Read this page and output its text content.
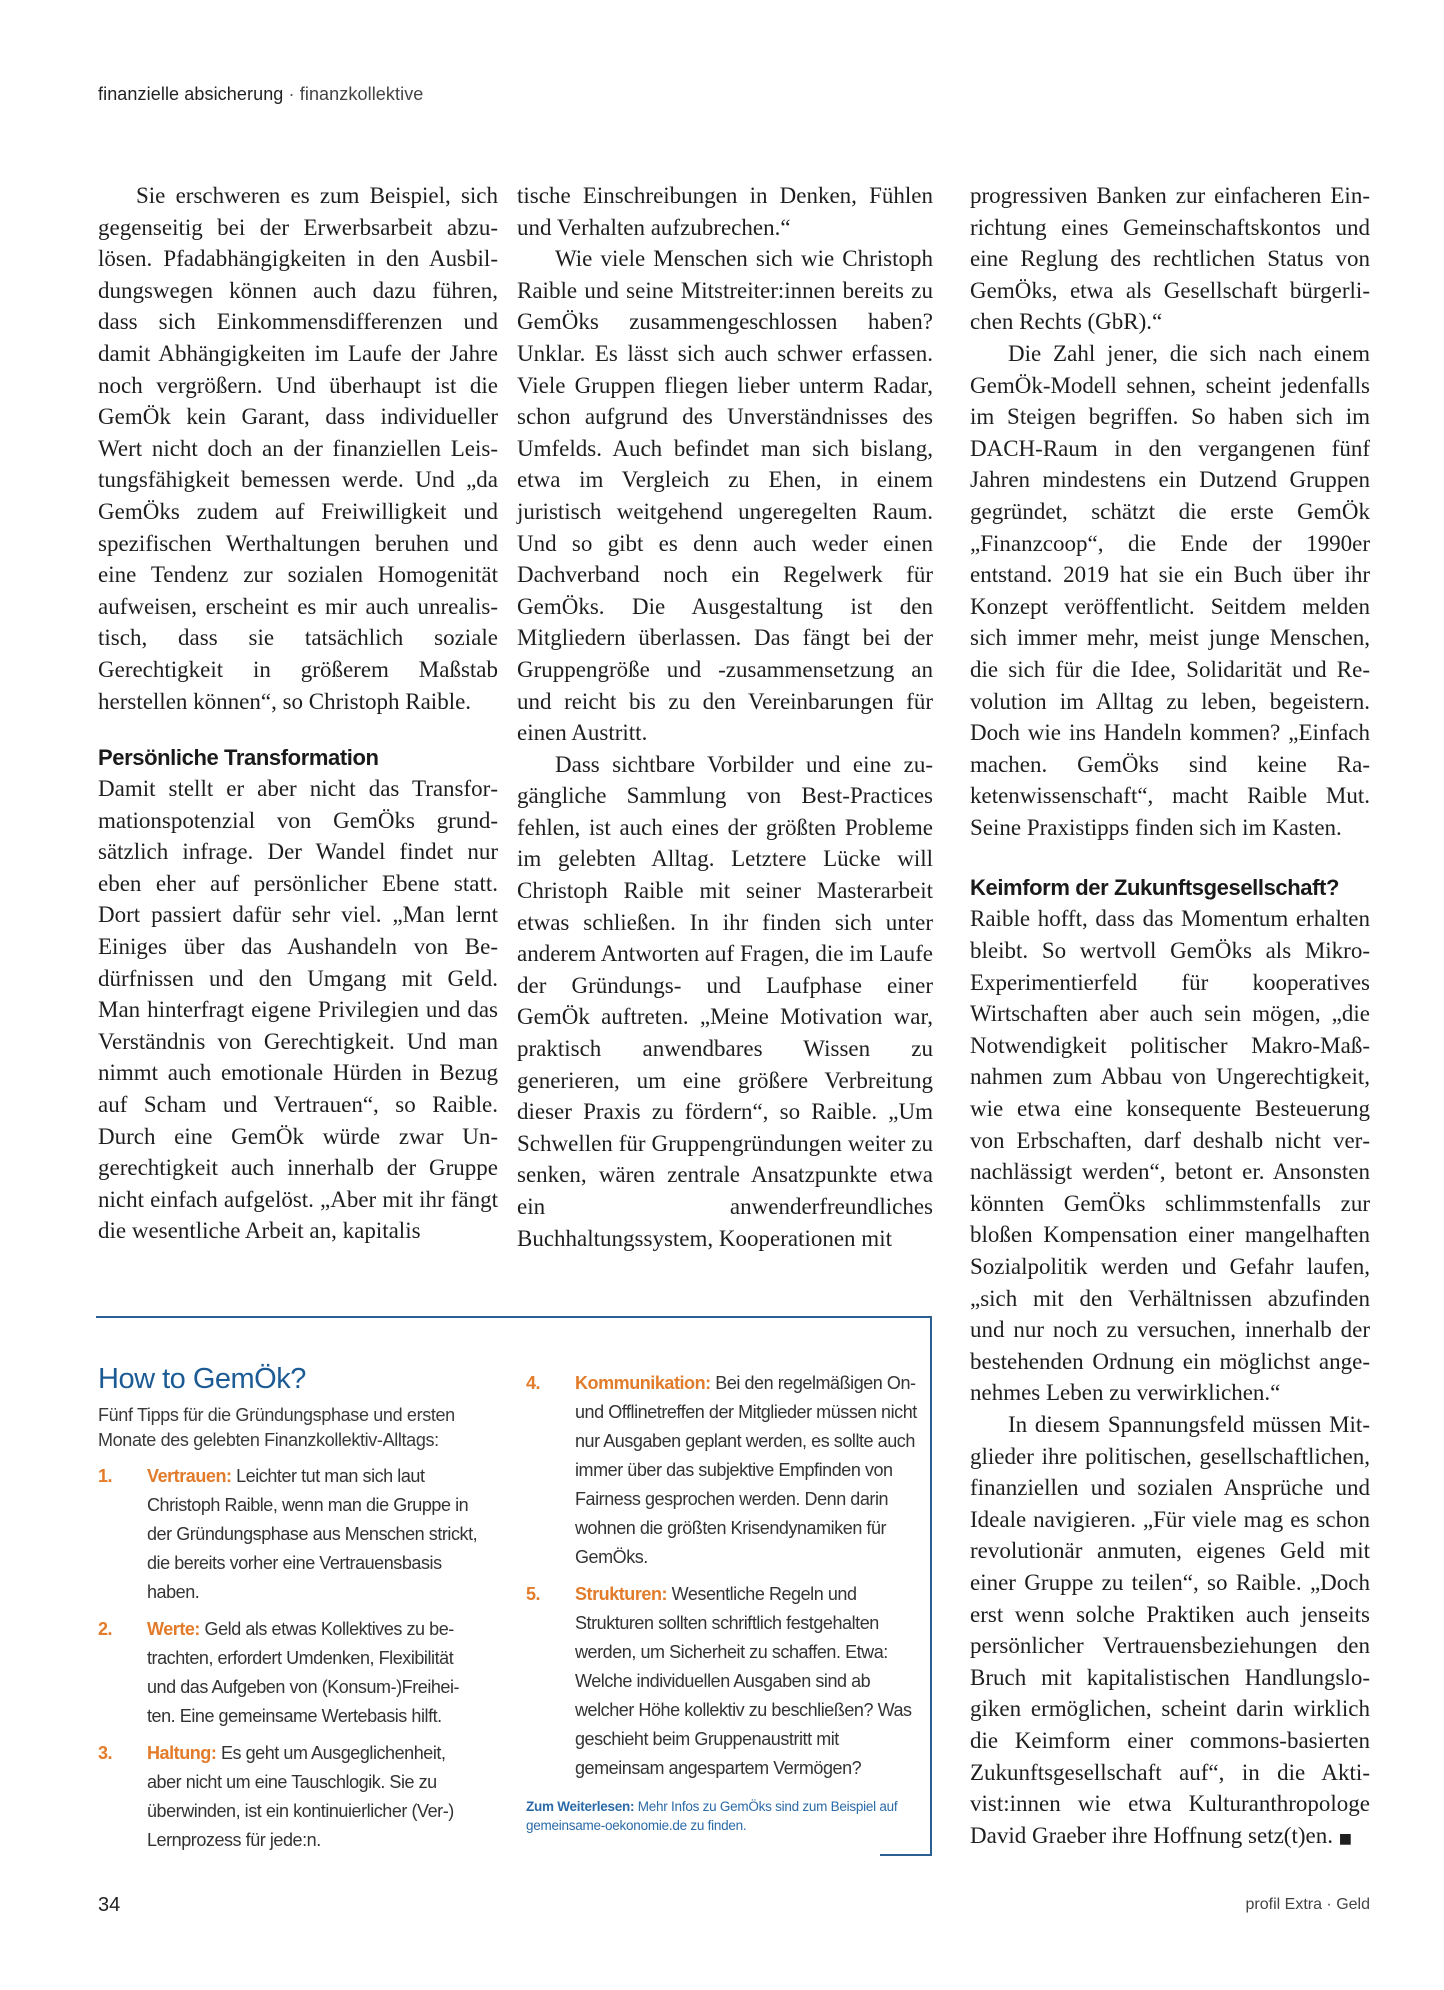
finanzielle absicherung · finanzkollektive

Sie erschweren es zum Beispiel, sich gegenseitig bei der Erwerbsarbeit abzulösen. Pfadabhängigkeiten in den Ausbildungswegen können auch dazu führen, dass sich Einkommensdifferenzen und damit Abhängigkeiten im Laufe der Jahre noch vergrößern. Und überhaupt ist die GemÖk kein Garant, dass individueller Wert nicht doch an der finanziellen Leistungsfähigkeit bemessen werde. Und „da GemÖks zudem auf Freiwilligkeit und spezifischen Werthaltungen beruhen und eine Tendenz zur sozialen Homogenität aufweisen, erscheint es mir auch unrealistisch, dass sie tatsächlich soziale Gerechtigkeit in größerem Maßstab herstellen können“, so Christoph Raible.

Persönliche Transformation

Damit stellt er aber nicht das Transformationspotenzial von GemÖks grundsätzlich infrage. Der Wandel findet nur eben eher auf persönlicher Ebene statt. Dort passiert dafür sehr viel. „Man lernt Einiges über das Aushandeln von Bedürfnissen und den Umgang mit Geld. Man hinterfragt eigene Privilegien und das Verständnis von Gerechtigkeit. Und man nimmt auch emotionale Hürden in Bezug auf Scham und Vertrauen“, so Raible. Durch eine GemÖk würde zwar Ungerechtigkeit auch innerhalb der Gruppe nicht einfach aufgelöst. „Aber mit ihr fängt die wesentliche Arbeit an, kapitalis

tische Einschreibungen in Denken, Fühlen und Verhalten aufzubrechen.“

Wie viele Menschen sich wie Christoph Raible und seine Mitstreiter:innen bereits zu GemÖks zusammengeschlossen haben? Unklar. Es lässt sich auch schwer erfassen. Viele Gruppen fliegen lieber unterm Radar, schon aufgrund des Unverständnisses des Umfelds. Auch befindet man sich bislang, etwa im Vergleich zu Ehen, in einem juristisch weitgehend ungeregelten Raum. Und so gibt es denn auch weder einen Dachverband noch ein Regelwerk für GemÖks. Die Ausgestaltung ist den Mitgliedern überlassen. Das fängt bei der Gruppengröße und -zusammensetzung an und reicht bis zu den Vereinbarungen für einen Austritt.

Dass sichtbare Vorbilder und eine zugängliche Sammlung von Best-Practices fehlen, ist auch eines der größten Probleme im gelebten Alltag. Letztere Lücke will Christoph Raible mit seiner Masterarbeit etwas schließen. In ihr finden sich unter anderem Antworten auf Fragen, die im Laufe der Gründungs- und Laufphase einer GemÖk auftreten. „Meine Motivation war, praktisch anwendbares Wissen zu generieren, um eine größere Verbreitung dieser Praxis zu fördern“, so Raible. „Um Schwellen für Gruppengründungen weiter zu senken, wären zentrale Ansatzpunkte etwa ein anwenderfreundliches Buchhaltungssystem, Kooperationen mit

progressiven Banken zur einfacheren Einrichtung eines Gemeinschaftskontos und eine Reglung des rechtlichen Status von GemÖks, etwa als Gesellschaft bürgerlichen Rechts (GbR).“

Die Zahl jener, die sich nach einem GemÖk-Modell sehnen, scheint jedenfalls im Steigen begriffen. So haben sich im DACH-Raum in den vergangenen fünf Jahren mindestens ein Dutzend Gruppen gegründet, schätzt die erste GemÖk „Finanzcoop“, die Ende der 1990er entstand. 2019 hat sie ein Buch über ihr Konzept veröffentlicht. Seitdem melden sich immer mehr, meist junge Menschen, die sich für die Idee, Solidarität und Revolution im Alltag zu leben, begeistern. Doch wie ins Handeln kommen? „Einfach machen. GemÖks sind keine Raketenwissenschaft“, macht Raible Mut. Seine Praxistipps finden sich im Kasten.

Keimform der Zukunftsgesellschaft?

Raible hofft, dass das Momentum erhalten bleibt. So wertvoll GemÖks als Mikro-Experimentierfeld für kooperatives Wirtschaften aber auch sein mögen, „die Notwendigkeit politischer Makro-Maßnahmen zum Abbau von Ungerechtigkeit, wie etwa eine konsequente Besteuerung von Erbschaften, darf deshalb nicht vernachlässigt werden“, betont er. Ansonsten könnten GemÖks schlimmstenfalls zur bloßen Kompensation einer mangelhaften Sozialpolitik werden und Gefahr laufen, „sich mit den Verhältnissen abzufinden und nur noch zu versuchen, innerhalb der bestehenden Ordnung ein möglichst angenehmes Leben zu verwirklichen.“

In diesem Spannungsfeld müssen Mitglieder ihre politischen, gesellschaftlichen, finanziellen und sozialen Ansprüche und Ideale navigieren. „Für viele mag es schon revolutionär anmuten, eigenes Geld mit einer Gruppe zu teilen“, so Raible. „Doch erst wenn solche Praktiken auch jenseits persönlicher Vertrauensbeziehungen den Bruch mit kapitalistischen Handlungslogiken ermöglichen, scheint darin wirklich die Keimform einer commons-basierten Zukunftsgesellschaft auf“, in die Aktivist:innen wie etwa Kulturanthropologe David Graeber ihre Hoffnung setz(t)en. ■

How to GemÖk?

Fünf Tipps für die Gründungsphase und ersten Monate des gelebten Finanzkollektiv-Alltags:

1. Vertrauen: Leichter tut man sich laut Christoph Raible, wenn man die Gruppe in der Gründungsphase aus Menschen strickt, die bereits vorher eine Vertrauensbasis haben.
2. Werte: Geld als etwas Kollektives zu betrachten, erfordert Umdenken, Flexibilität und das Aufgeben von (Konsum-)Freiheiten. Eine gemeinsame Wertebasis hilft.
3. Haltung: Es geht um Ausgeglichenheit, aber nicht um eine Tauschlogik. Sie zu überwinden, ist ein kontinuierlicher (Ver-) Lernprozess für jede:n.
4. Kommunikation: Bei den regelmäßigen On- und Offlinetreffen der Mitglieder müssen nicht nur Ausgaben geplant werden, es sollte auch immer über das subjektive Empfinden von Fairness gesprochen werden. Denn darin wohnen die größten Krisendynamiken für GemÖks.
5. Strukturen: Wesentliche Regeln und Strukturen sollten schriftlich festgehalten werden, um Sicherheit zu schaffen. Etwa: Welche individuellen Ausgaben sind ab welcher Höhe kollektiv zu beschließen? Was geschieht beim Gruppenaustritt mit gemeinsam angespartem Vermögen?
Zum Weiterlesen: Mehr Infos zu GemÖks sind zum Beispiel auf gemeinsame-oekonomie.de zu finden.
34	profil Extra · Geld
